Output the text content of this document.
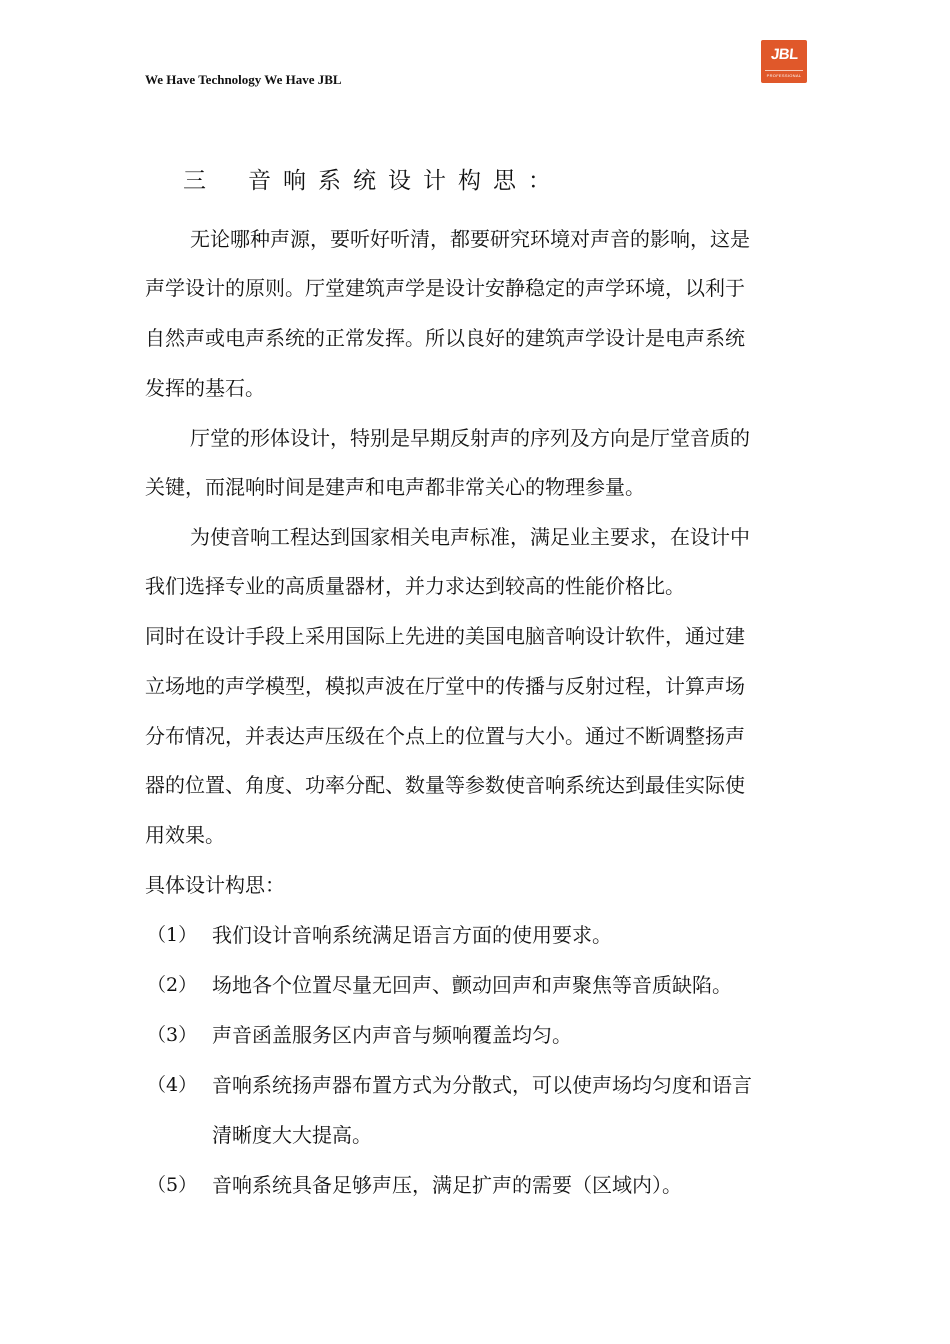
We Have Technology We Have JBL
JBL
PROFESSIONAL
三 音响系统设计构思：
无论哪种声源，要听好听清，都要研究环境对声音的影响，这是
声学设计的原则。厅堂建筑声学是设计安静稳定的声学环境，以利于
自然声或电声系统的正常发挥。所以良好的建筑声学设计是电声系统
发挥的基石。
厅堂的形体设计，特别是早期反射声的序列及方向是厅堂音质的
关键，而混响时间是建声和电声都非常关心的物理参量。
为使音响工程达到国家相关电声标准，满足业主要求，在设计中
我们选择专业的高质量器材，并力求达到较高的性能价格比。
同时在设计手段上采用国际上先进的美国电脑音响设计软件，通过建
立场地的声学模型，模拟声波在厅堂中的传播与反射过程，计算声场
分布情况，并表达声压级在个点上的位置与大小。通过不断调整扬声
器的位置、角度、功率分配、数量等参数使音响系统达到最佳实际使
用效果。
具体设计构思：
（1） 我们设计音响系统满足语言方面的使用要求。
（2） 场地各个位置尽量无回声、颤动回声和声聚焦等音质缺陷。
（3） 声音函盖服务区内声音与频响覆盖均匀。
（4） 音响系统扬声器布置方式为分散式，可以使声场均匀度和语言
清晰度大大提高。
（5） 音响系统具备足够声压，满足扩声的需要（区域内）。
